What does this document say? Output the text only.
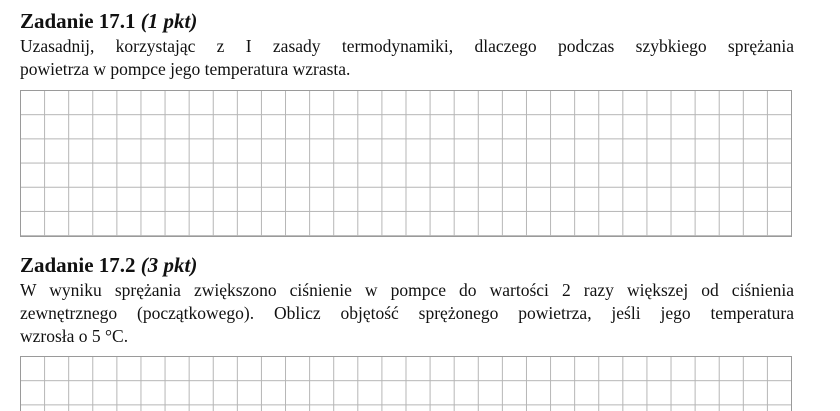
Zadanie 17.1 (1 pkt)

Uzasadnij, korzystając z I zasady termodynamiki, dlaczego podczas szybkiego sprężania
powietrza w pompce jego temperatura wzrasta.

Zadanie 17.2 (3 pkt)

W wyniku sprężania zwiększono ciśnienie w pompce do wartości 2 razy większej od ciśnienia
zewnętrznego (początkowego). Oblicz objętość sprężonego powietrza, jeśli jego temperatura
wzrosła o 5 °C.
